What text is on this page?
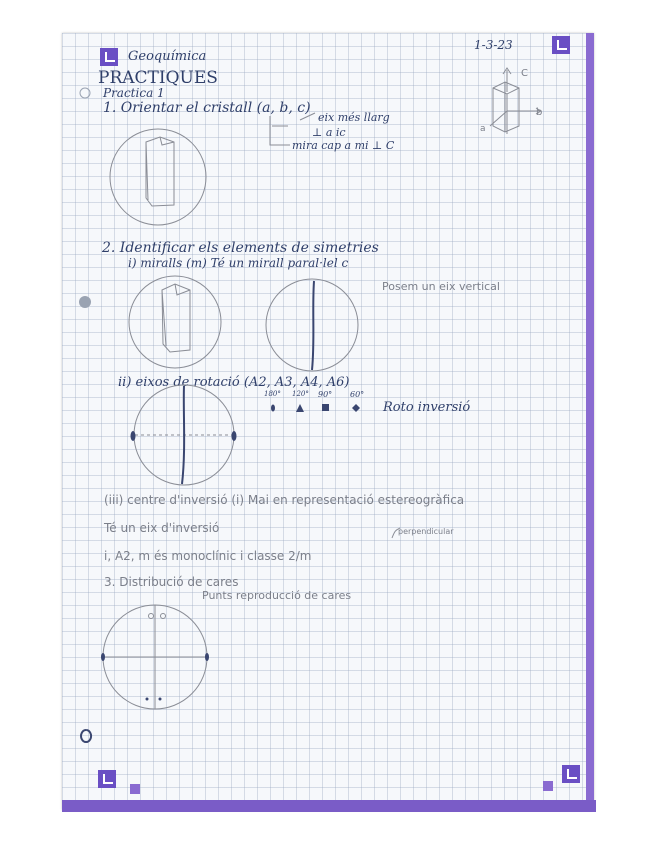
Geoquímica
1-3-23
PRACTIQUES
Practica 1
1. Orientar el cristall (a, b, c)
eix més llarg
⊥ a ic
mira cap a mi ⊥ C
C
b
a
2. Identificar els elements de simetries
i) miralls (m) Té un mirall paral·lel c
Posem un eix vertical
ii) eixos de rotació (A2, A3, A4, A6)
180° 120° 90° 60°
Roto inversió
(iii) centre d'inversió (i) Mai en representació estereogràfica
Té un eix d'inversió	perpendicular
i, A2, m és monoclínic i classe 2/m
3. Distribució de cares
Punts reproducció de cares
